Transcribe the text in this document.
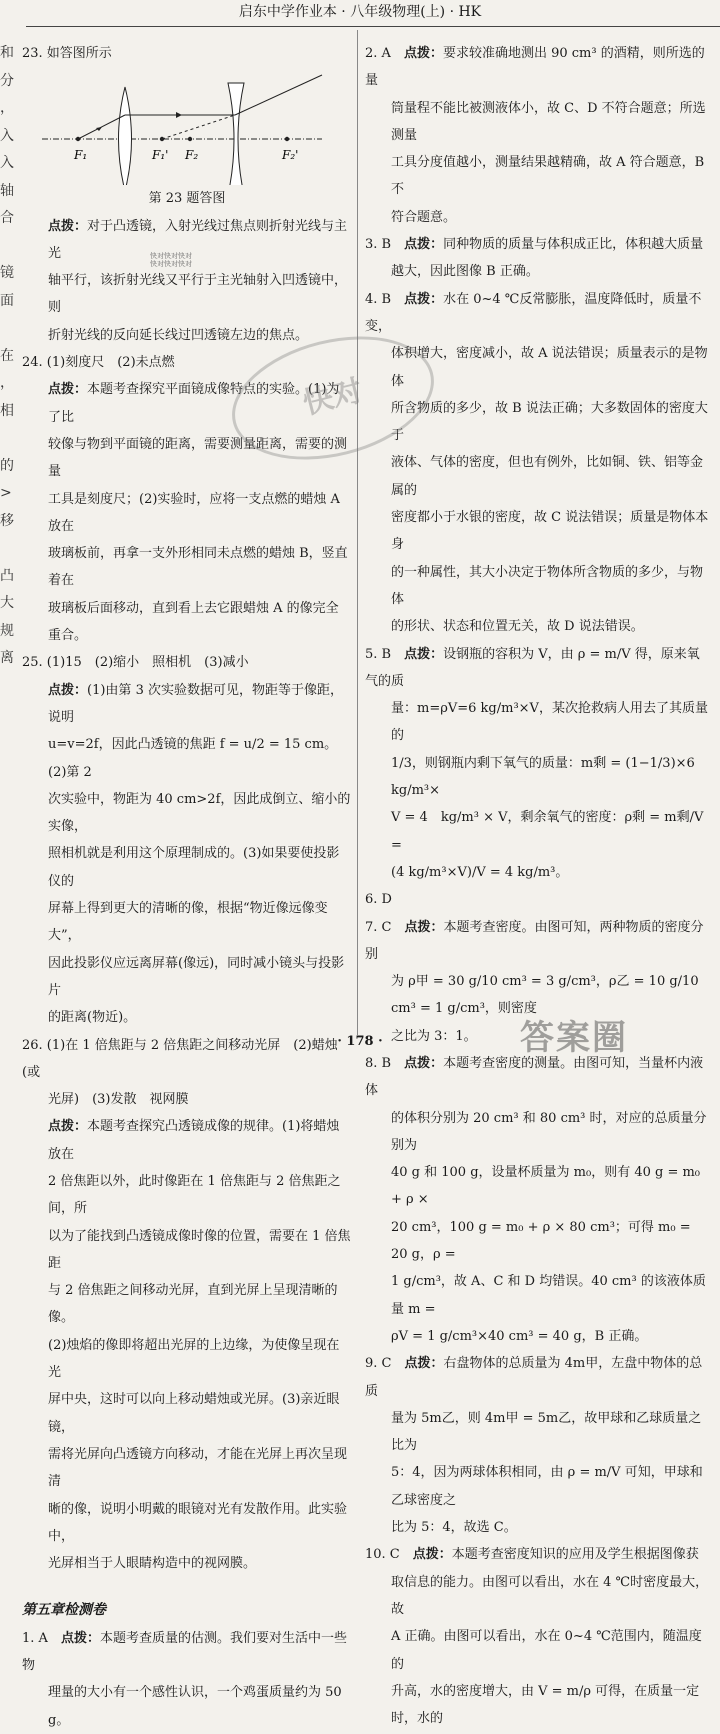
启东中学作业本 · 八年级物理(上) · HK
和
分
，
入
入
轴
合
镜
面
在
，
相
的
>
移
凸
大
规
离

23. 如答图所示

F₁	F₁' F₂	F₂'

第 23 题答图

点拨：对于凸透镜，入射光线过焦点则折射光线与主光

轴平行，该折射光线又平行于主光轴射入凹透镜中，则

折射光线的反向延长线过凹透镜左边的焦点。

24. (1)刻度尺　(2)未点燃

点拨：本题考查探究平面镜成像特点的实验。(1)为了比

较像与物到平面镜的距离，需要测量距离，需要的测量

工具是刻度尺；(2)实验时，应将一支点燃的蜡烛 A 放在

玻璃板前，再拿一支外形相同未点燃的蜡烛 B，竖直着在

玻璃板后面移动，直到看上去它跟蜡烛 A 的像完全

重合。

25. (1)15　(2)缩小　照相机　(3)减小

点拨：(1)由第 3 次实验数据可见，物距等于像距，说明

u=v=2f，因此凸透镜的焦距 f = u/2 = 15 cm。(2)第 2

次实验中，物距为 40 cm>2f，因此成倒立、缩小的实像，

照相机就是利用这个原理制成的。(3)如果要使投影仪的

屏幕上得到更大的清晰的像，根据“物近像远像变大”，

因此投影仪应远离屏幕(像远)，同时减小镜头与投影片

的距离(物近)。

26. (1)在 1 倍焦距与 2 倍焦距之间移动光屏　(2)蜡烛(或

光屏)　(3)发散　视网膜

点拨：本题考查探究凸透镜成像的规律。(1)将蜡烛放在

2 倍焦距以外，此时像距在 1 倍焦距与 2 倍焦距之间，所

以为了能找到凸透镜成像时像的位置，需要在 1 倍焦距

与 2 倍焦距之间移动光屏，直到光屏上呈现清晰的像。

(2)烛焰的像即将超出光屏的上边缘，为使像呈现在光

屏中央，这时可以向上移动蜡烛或光屏。(3)亲近眼镜，

需将光屏向凸透镜方向移动，才能在光屏上再次呈现清

晰的像，说明小明戴的眼镜对光有发散作用。此实验中，

光屏相当于人眼睛构造中的视网膜。

第五章检测卷

1. A　点拨：本题考查质量的估测。我们要对生活中一些物

理量的大小有一个感性认识，一个鸡蛋质量约为 50 g。

2. A　点拨：要求较准确地测出 90 cm³ 的酒精，则所选的量

筒量程不能比被测液体小，故 C、D 不符合题意；所选测量

工具分度值越小，测量结果越精确，故 A 符合题意，B 不

符合题意。

3. B　点拨：同种物质的质量与体积成正比，体积越大质量

越大，因此图像 B 正确。

4. B　点拨：水在 0~4 ℃反常膨胀，温度降低时，质量不变，

体积增大，密度减小，故 A 说法错误；质量表示的是物体

所含物质的多少，故 B 说法正确；大多数固体的密度大于

液体、气体的密度，但也有例外，比如铜、铁、铝等金属的

密度都小于水银的密度，故 C 说法错误；质量是物体本身

的一种属性，其大小决定于物体所含物质的多少，与物体

的形状、状态和位置无关，故 D 说法错误。

5. B　点拨：设钢瓶的容积为 V，由 ρ = m/V 得，原来氧气的质

量：m=ρV=6 kg/m³×V，某次抢救病人用去了其质量的

1/3，则钢瓶内剩下氧气的质量：m剩 = (1−1/3)×6 kg/m³×

V = 4　kg/m³ × V，剩余氧气的密度：ρ剩 = m剩/V =

(4 kg/m³×V)/V = 4 kg/m³。

6. D

7. C　点拨：本题考查密度。由图可知，两种物质的密度分别

为 ρ甲 = 30 g/10 cm³ = 3 g/cm³，ρ乙 = 10 g/10 cm³ = 1 g/cm³，则密度

之比为 3：1。

8. B　点拨：本题考查密度的测量。由图可知，当量杯内液体

的体积分别为 20 cm³ 和 80 cm³ 时，对应的总质量分别为

40 g 和 100 g，设量杯质量为 m₀，则有 40 g = m₀ + ρ ×

20 cm³，100 g = m₀ + ρ × 80 cm³；可得 m₀ = 20 g，ρ =

1 g/cm³，故 A、C 和 D 均错误。40 cm³ 的该液体质量 m =

ρV = 1 g/cm³×40 cm³ = 40 g，B 正确。

9. C　点拨：右盘物体的总质量为 4m甲，左盘中物体的总质

量为 5m乙，则 4m甲 = 5m乙，故甲球和乙球质量之比为

5：4，因为两球体积相同，由 ρ = m/V 可知，甲球和乙球密度之

比为 5：4，故选 C。

10. C　点拨：本题考查密度知识的应用及学生根据图像获

取信息的能力。由图可以看出，水在 4 ℃时密度最大，故

A 正确。由图可以看出，水在 0~4 ℃范围内，随温度的

升高，水的密度增大，由 V = m/ρ 可得，在质量一定时，水的

快对快对快对
快对快对快对
快对
答案圈
· 178 ·
